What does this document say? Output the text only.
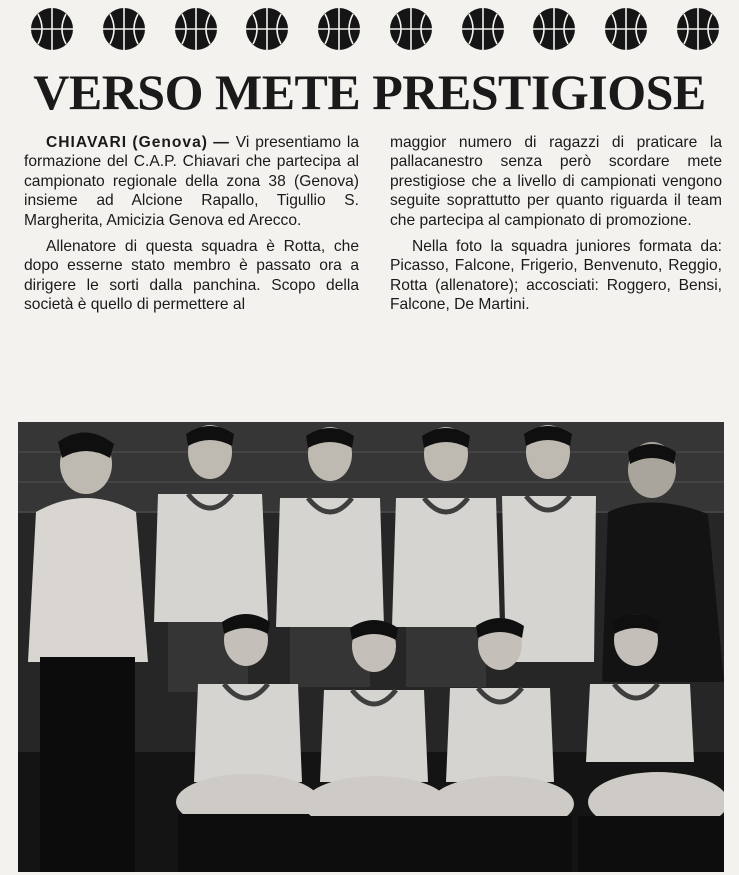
VERSO METE PRESTIGIOSE

CHIAVARI (Genova) — Vi presentiamo la formazione del C.A.P. Chiavari che partecipa al campionato regionale della zona 38 (Genova) insieme ad Alcione Rapallo, Tigullio S. Margherita, Amicizia Genova ed Arecco.

Allenatore di questa squadra è Rotta, che dopo esserne stato membro è passato ora a dirigere le sorti dalla panchina. Scopo della società è quello di permettere al

maggior numero di ragazzi di praticare la pallacanestro senza però scordare mete prestigiose che a livello di campionati vengono seguite soprattutto per quanto riguarda il team che partecipa al campionato di promozione.

Nella foto la squadra juniores formata da: Picasso, Falcone, Frigerio, Benvenuto, Reggio, Rotta (allenatore); accosciati: Roggero, Bensi, Falcone, De Martini.
